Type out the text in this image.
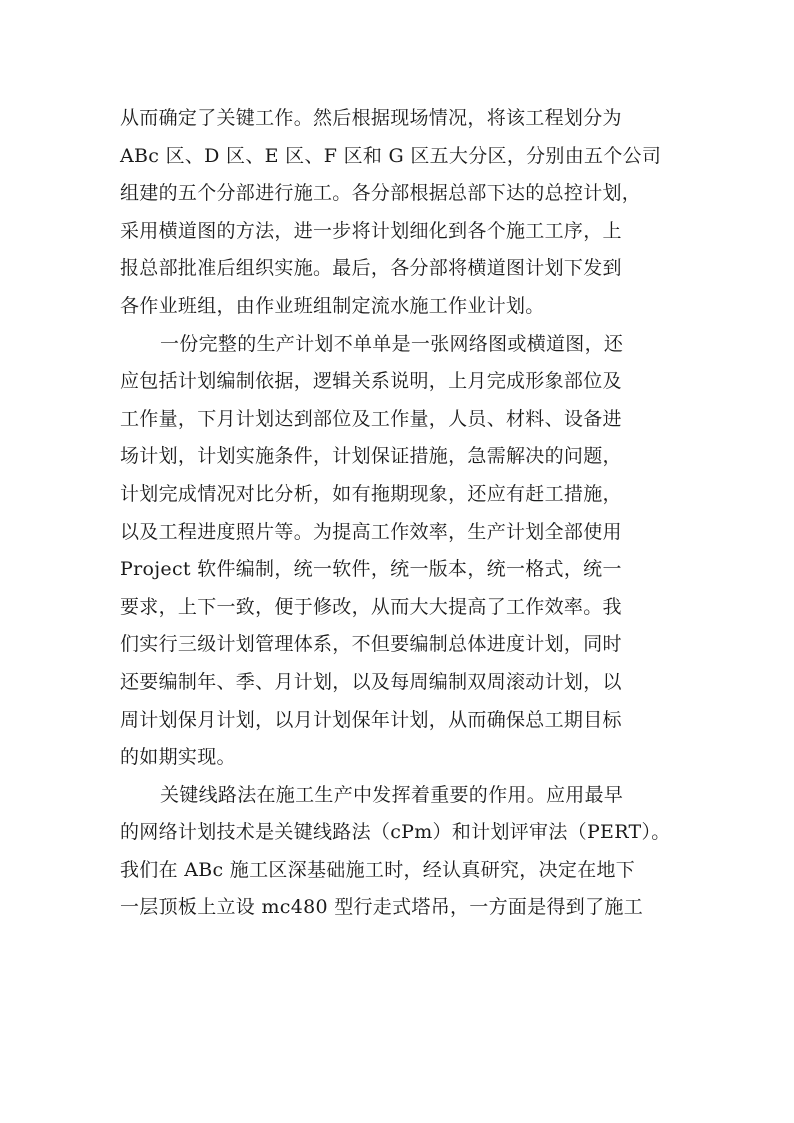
从而确定了关键工作。然后根据现场情况，将该工程划分为
ABc 区、D 区、E 区、F 区和 G 区五大分区，分别由五个公司
组建的五个分部进行施工。各分部根据总部下达的总控计划，
采用横道图的方法，进一步将计划细化到各个施工工序，上
报总部批准后组织实施。最后，各分部将横道图计划下发到
各作业班组，由作业班组制定流水施工作业计划。
一份完整的生产计划不单单是一张网络图或横道图，还
应包括计划编制依据，逻辑关系说明，上月完成形象部位及
工作量，下月计划达到部位及工作量，人员、材料、设备进
场计划，计划实施条件，计划保证措施，急需解决的问题，
计划完成情况对比分析，如有拖期现象，还应有赶工措施，
以及工程进度照片等。为提高工作效率，生产计划全部使用
Project 软件编制，统一软件，统一版本，统一格式，统一
要求，上下一致，便于修改，从而大大提高了工作效率。我
们实行三级计划管理体系，不但要编制总体进度计划，同时
还要编制年、季、月计划，以及每周编制双周滚动计划，以
周计划保月计划，以月计划保年计划，从而确保总工期目标
的如期实现。
关键线路法在施工生产中发挥着重要的作用。应用最早
的网络计划技术是关键线路法（cPm）和计划评审法（PERT）。
我们在 ABc 施工区深基础施工时，经认真研究，决定在地下
一层顶板上立设 mc480 型行走式塔吊，一方面是得到了施工
